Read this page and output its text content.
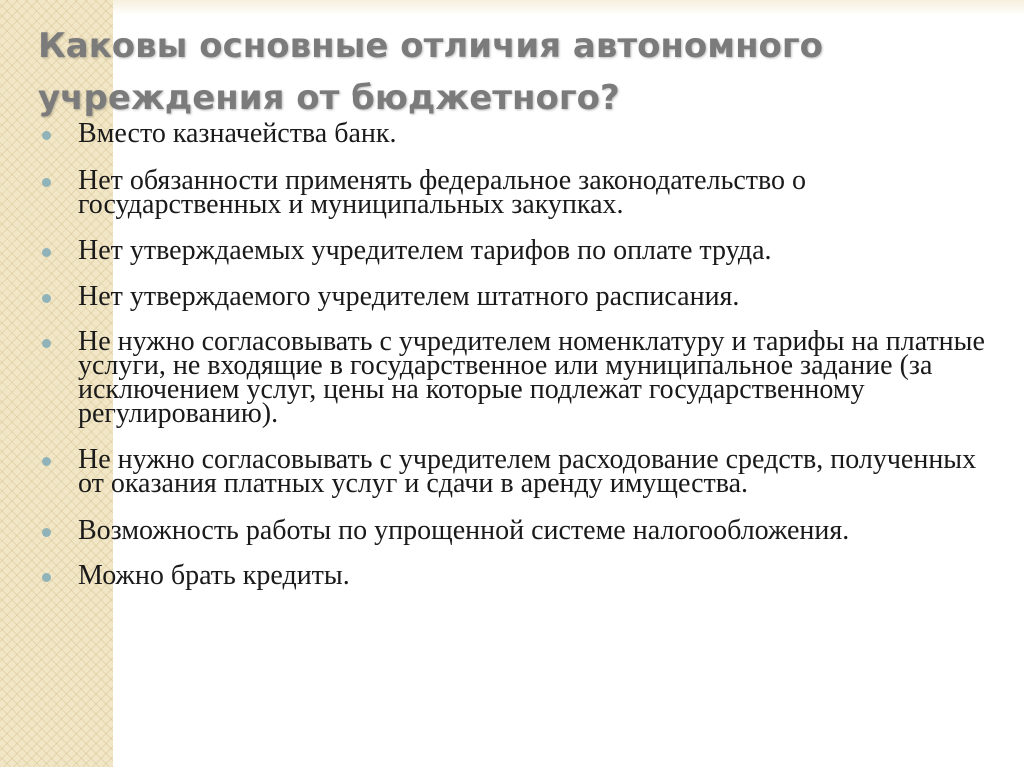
Каковы основные отличия автономного учреждения от бюджетного?
Вместо казначейства банк.
Нет обязанности применять федеральное законодательство о государственных и муниципальных закупках.
Нет утверждаемых учредителем тарифов по оплате труда.
Нет утверждаемого учредителем штатного расписания.
Не нужно согласовывать с учредителем номенклатуру и тарифы на платные услуги, не входящие в государственное или муниципальное задание (за исключением услуг, цены на которые подлежат государственному регулированию).
Не нужно согласовывать с учредителем расходование средств, полученных от оказания платных услуг и сдачи в аренду имущества.
Возможность работы по упрощенной системе налогообложения.
Можно брать кредиты.
